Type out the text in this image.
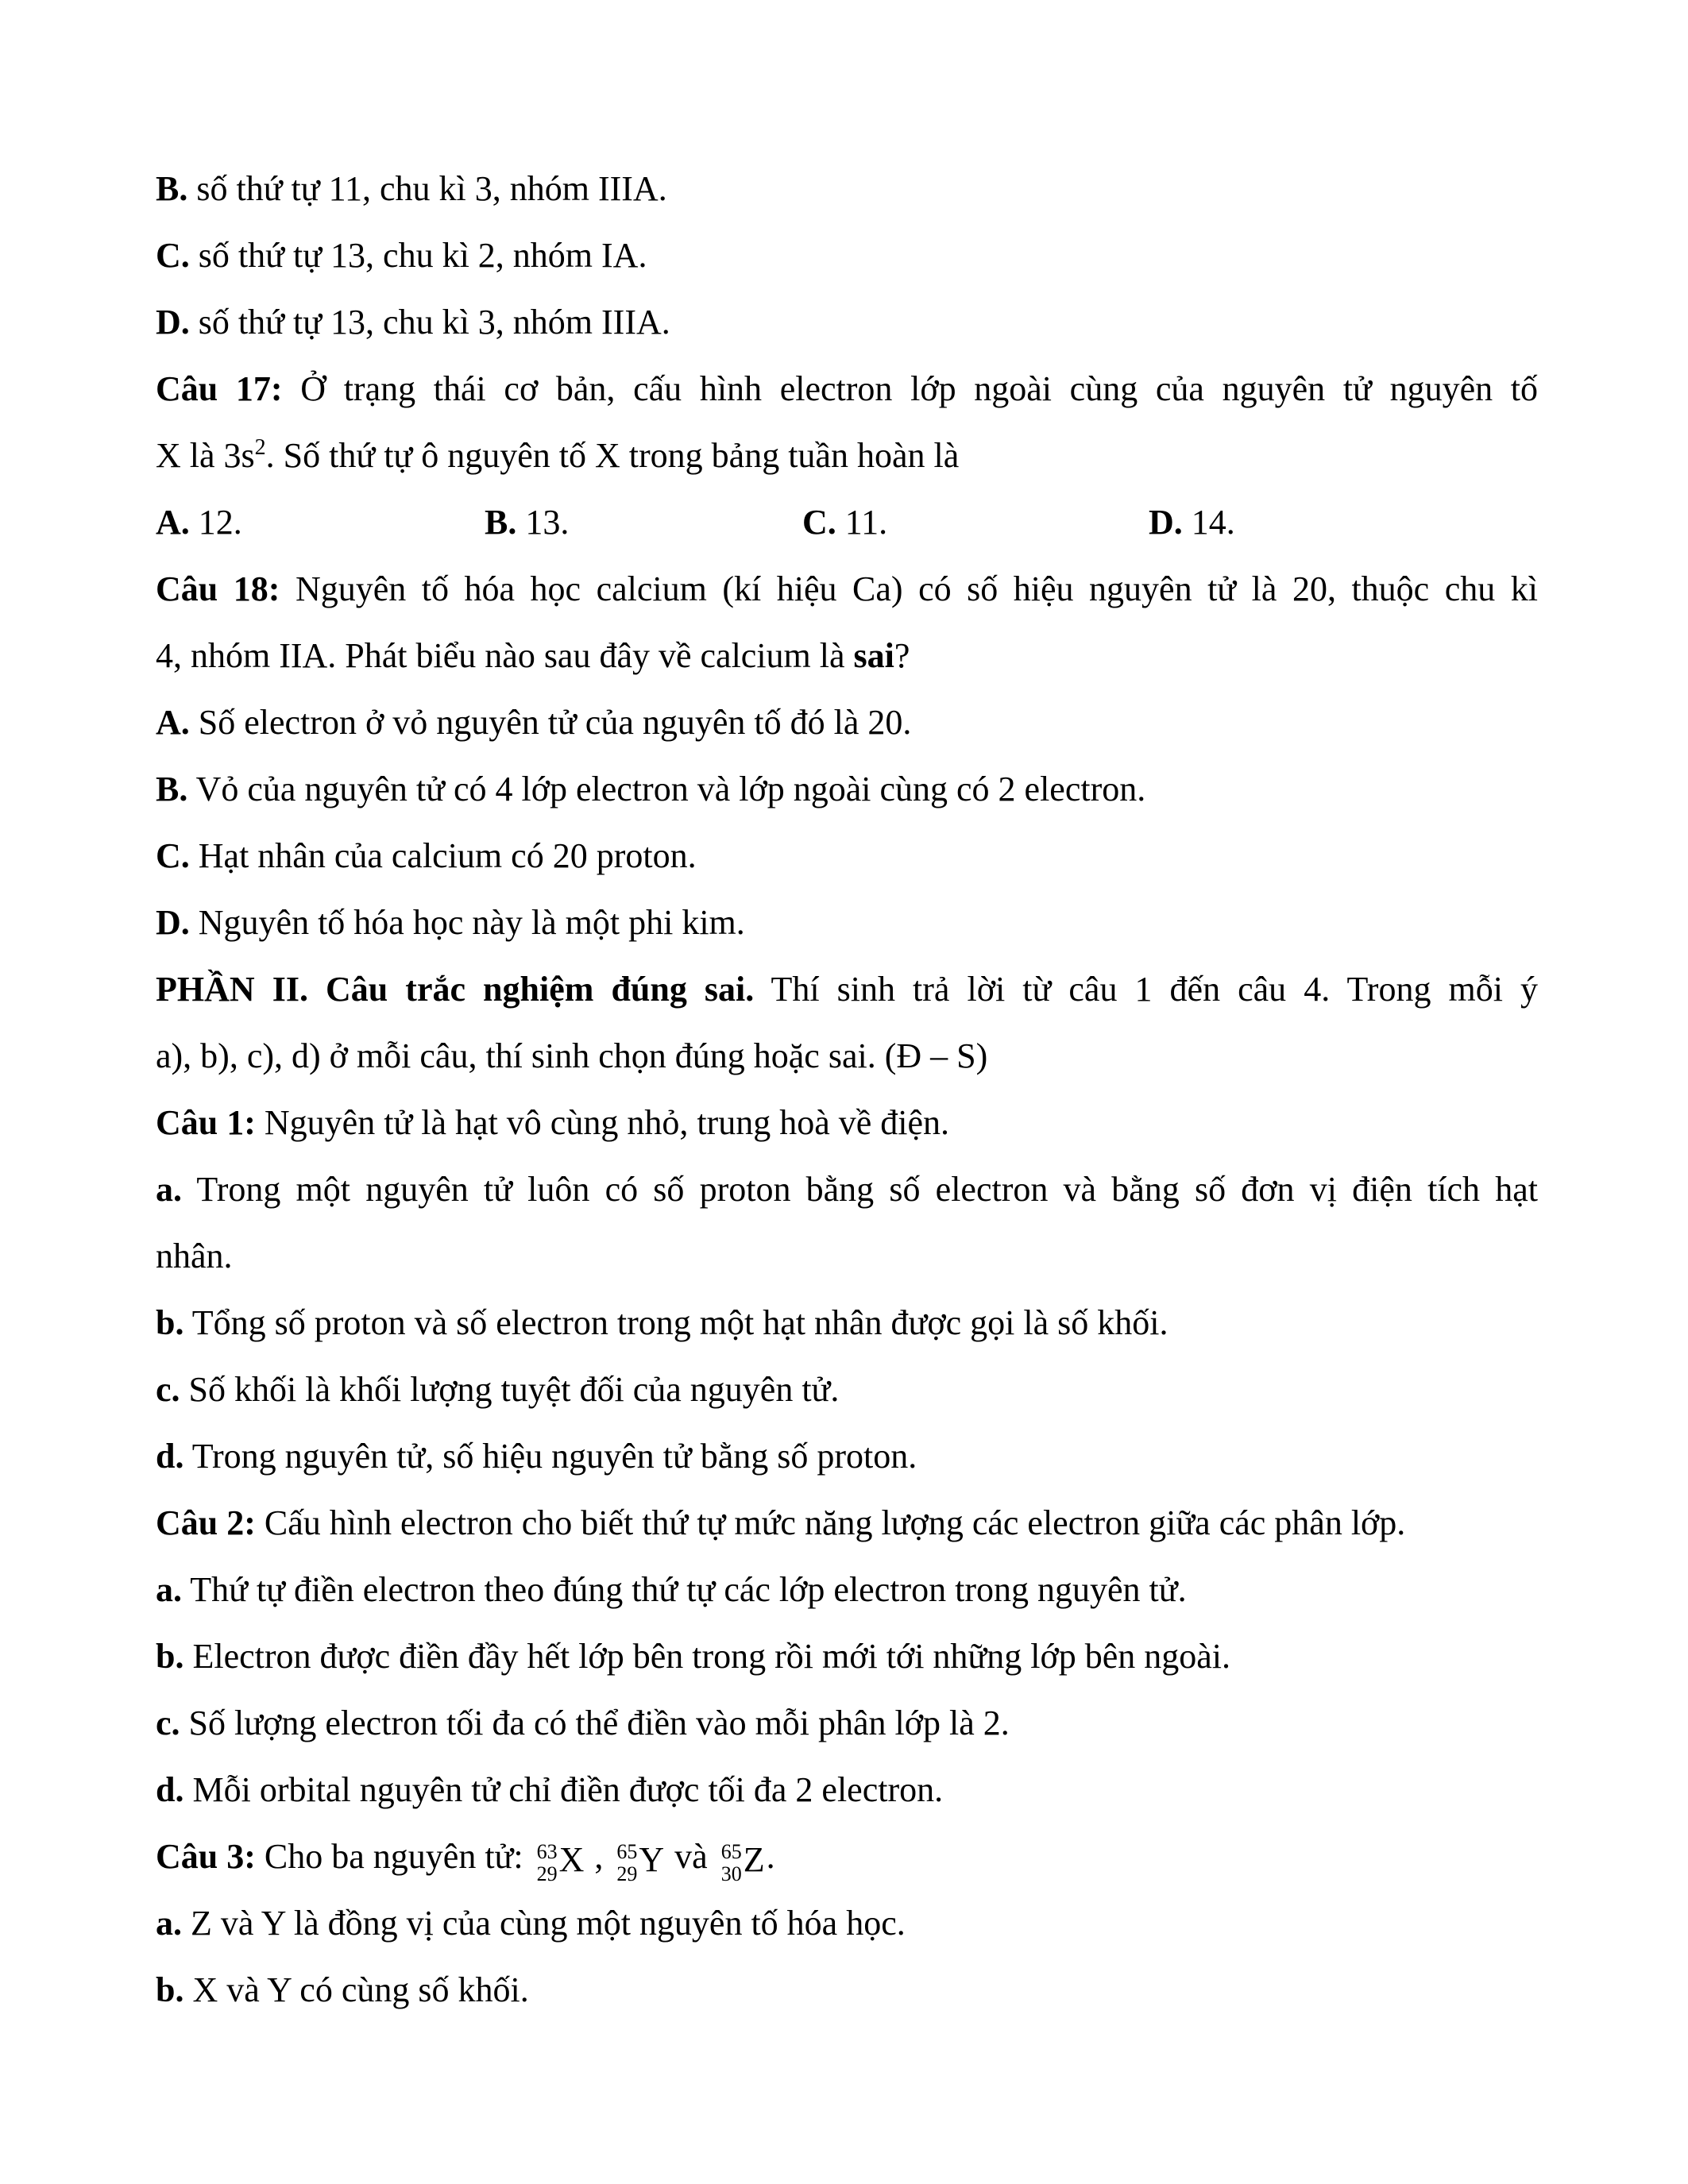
B. số thứ tự 11, chu kì 3, nhóm IIIA.
C. số thứ tự 13, chu kì 2, nhóm IA.
D. số thứ tự 13, chu kì 3, nhóm IIIA.
Câu 17: Ở trạng thái cơ bản, cấu hình electron lớp ngoài cùng của nguyên tử nguyên tố
X là $3s^2$. Số thứ tự ô nguyên tố X trong bảng tuần hoàn là
A. 12.	B. 13.	C. 11.	D. 14.
Câu 18: Nguyên tố hóa học calcium (kí hiệu Ca) có số hiệu nguyên tử là 20, thuộc chu kì
4, nhóm IIA. Phát biểu nào sau đây về calcium là sai?
A. Số electron ở vỏ nguyên tử của nguyên tố đó là 20.
B. Vỏ của nguyên tử có 4 lớp electron và lớp ngoài cùng có 2 electron.
C. Hạt nhân của calcium có 20 proton.
D. Nguyên tố hóa học này là một phi kim.
PHẦN II. Câu trắc nghiệm đúng sai. Thí sinh trả lời từ câu 1 đến câu 4. Trong mỗi ý
a), b), c), d) ở mỗi câu, thí sinh chọn đúng hoặc sai. (Đ – S)
Câu 1: Nguyên tử là hạt vô cùng nhỏ, trung hoà về điện.
a. Trong một nguyên tử luôn có số proton bằng số electron và bằng số đơn vị điện tích hạt
nhân.
b. Tổng số proton và số electron trong một hạt nhân được gọi là số khối.
c. Số khối là khối lượng tuyệt đối của nguyên tử.
d. Trong nguyên tử, số hiệu nguyên tử bằng số proton.
Câu 2: Cấu hình electron cho biết thứ tự mức năng lượng các electron giữa các phân lớp.
a. Thứ tự điền electron theo đúng thứ tự các lớp electron trong nguyên tử.
b. Electron được điền đầy hết lớp bên trong rồi mới tới những lớp bên ngoài.
c. Số lượng electron tối đa có thể điền vào mỗi phân lớp là 2.
d. Mỗi orbital nguyên tử chỉ điền được tối đa 2 electron.
Câu 3: Cho ba nguyên tử: 63
29 X , 65
29 Y và 65
30 Z .
a. Z và Y là đồng vị của cùng một nguyên tố hóa học.
b. X và Y có cùng số khối.
